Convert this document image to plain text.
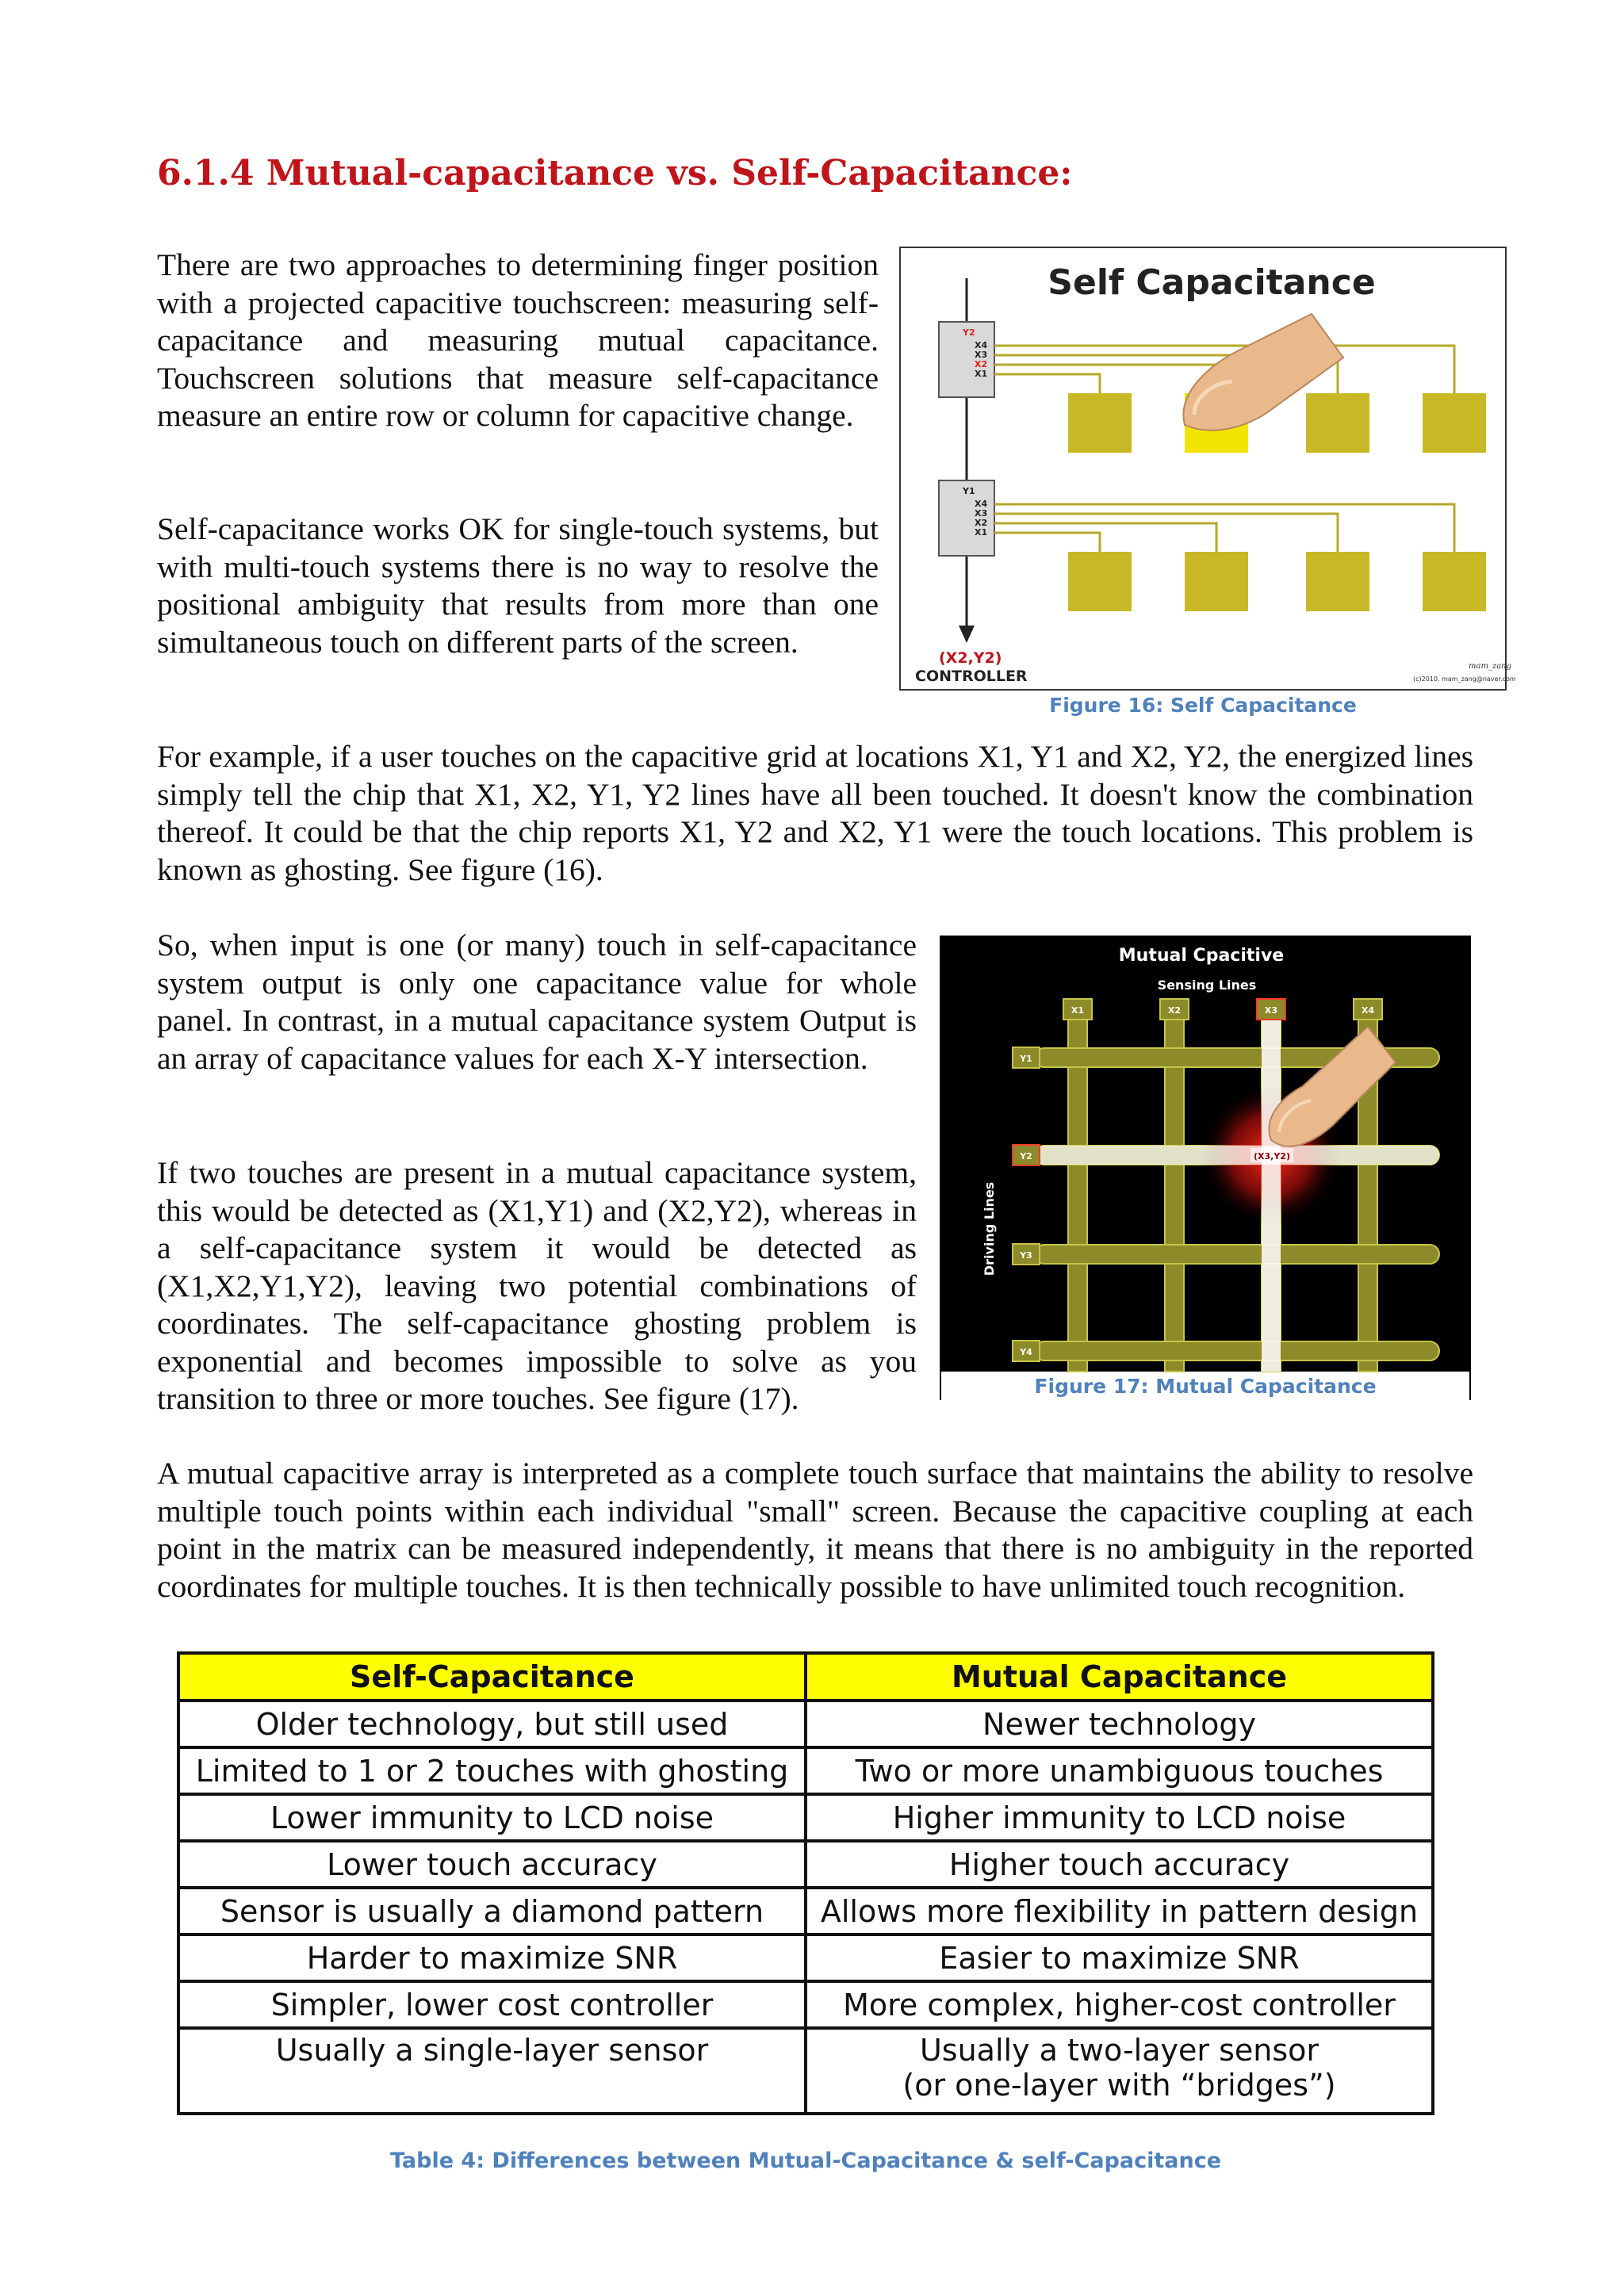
6.1.4 Mutual-capacitance vs. Self-Capacitance:

There are two approaches to determining finger position with a projected capacitive touchscreen: measuring self-capacitance and measuring mutual capacitance. Touchscreen solutions that measure self-capacitance measure an entire row or column for capacitive change.

Self-capacitance works OK for single-touch systems, but with multi-touch systems there is no way to resolve the positional ambiguity that results from more than one simultaneous touch on different parts of the screen.

Self Capacitance
Y2
X4
X3
X2
X1
Y1
X4
X3
X2
X1
(X2,Y2)
CONTROLLER
mam_zang
(c)2010. mam_zang@naver.com

Figure 16: Self Capacitance

For example, if a user touches on the capacitive grid at locations X1, Y1 and X2, Y2, the energized lines simply tell the chip that X1, X2, Y1, Y2 lines have all been touched. It doesn't know the combination thereof. It could be that the chip reports X1, Y2 and X2, Y1 were the touch locations. This problem is known as ghosting. See figure (16).

So, when input is one (or many) touch in self-capacitance system output is only one capacitance value for whole panel. In contrast, in a mutual capacitance system Output is an array of capacitance values for each X-Y intersection.

If two touches are present in a mutual capacitance system, this would be detected as (X1,Y1) and (X2,Y2), whereas in a self-capacitance system it would be detected as (X1,X2,Y1,Y2), leaving two potential combinations of coordinates. The self-capacitance ghosting problem is exponential and becomes impossible to solve as you transition to three or more touches. See figure (17).

Mutual Cpacitive
Sensing Lines
Driving Lines
X1	X2	X3	X4
Y1
Y2
Y3
Y4
(X3,Y2)

Figure 17: Mutual Capacitance

A mutual capacitive array is interpreted as a complete touch surface that maintains the ability to resolve multiple touch points within each individual "small" screen. Because the capacitive coupling at each point in the matrix can be measured independently, it means that there is no ambiguity in the reported coordinates for multiple touches. It is then technically possible to have unlimited touch recognition.

Self-Capacitance	Mutual Capacitance
Older technology, but still used	Newer technology
Limited to 1 or 2 touches with ghosting	Two or more unambiguous touches
Lower immunity to LCD noise	Higher immunity to LCD noise
Lower touch accuracy	Higher touch accuracy
Sensor is usually a diamond pattern	Allows more flexibility in pattern design
Harder to maximize SNR	Easier to maximize SNR
Simpler, lower cost controller	More complex, higher-cost controller
Usually a single-layer sensor	Usually a two-layer sensor
(or one-layer with “bridges”)

Table 4: Differences between Mutual-Capacitance & self-Capacitance
